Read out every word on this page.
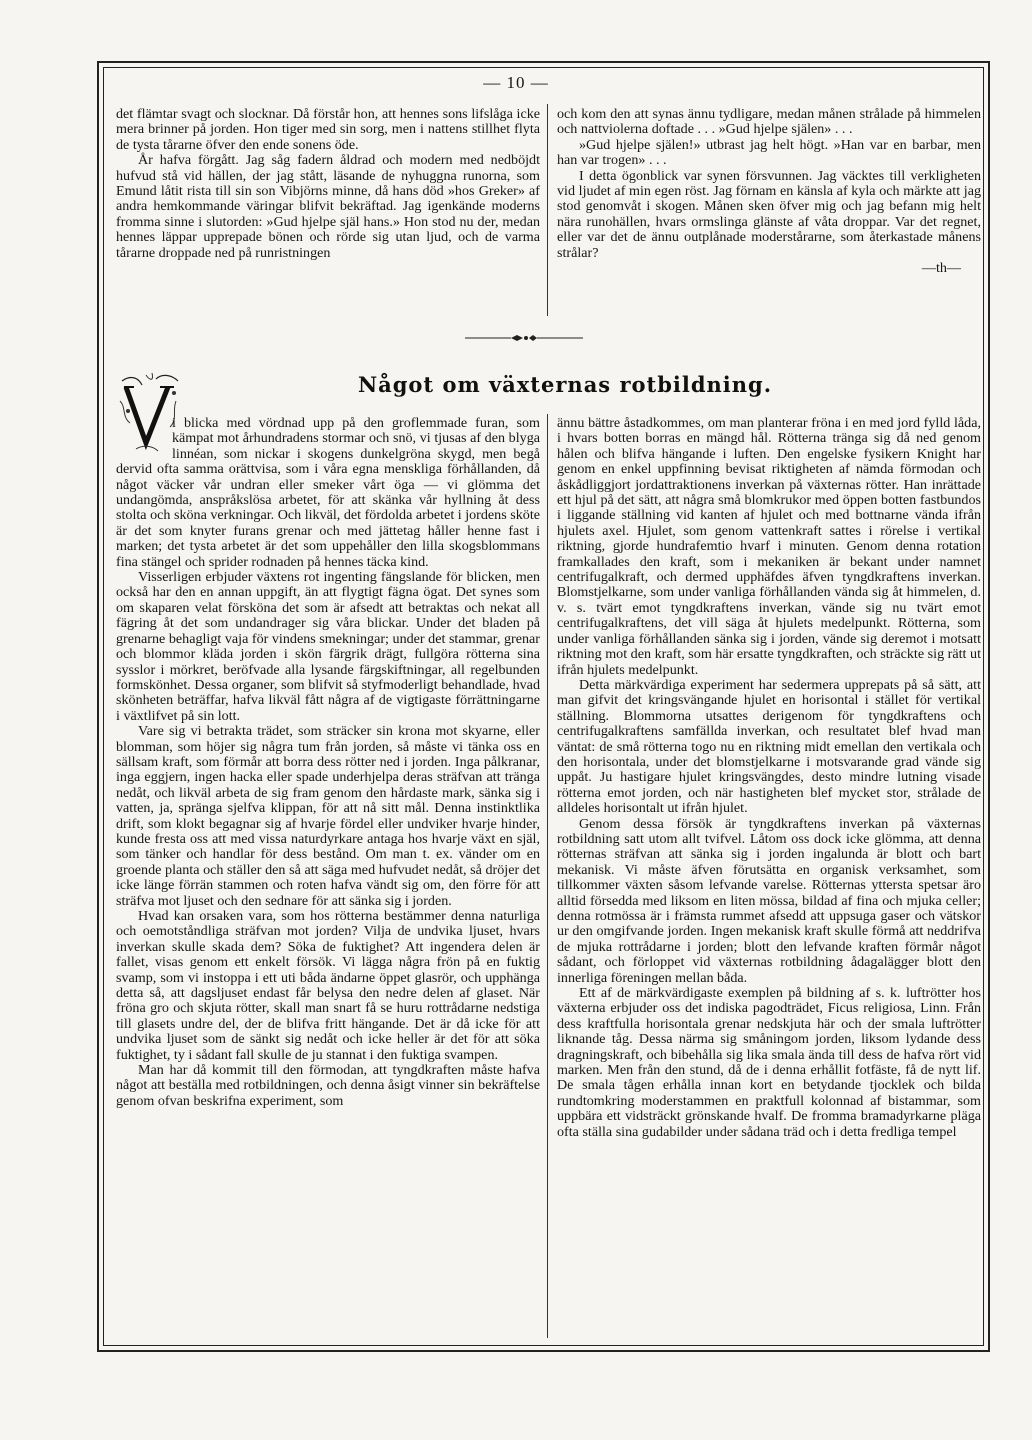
— 10 —

det flämtar svagt och slocknar. Då förstår hon, att hennes sons lifslåga icke mera brinner på jorden. Hon tiger med sin sorg, men i nattens stillhet flyta de tysta tårarne öfver den ende sonens öde.

År hafva förgått. Jag såg fadern åldrad och modern med nedböjdt hufvud stå vid hällen, der jag stått, läsande de nyhuggna runorna, som Emund låtit rista till sin son Vibjörns minne, då hans död »hos Greker» af andra hemkommande väringar blifvit bekräftad. Jag igenkände moderns fromma sinne i slutorden: »Gud hjelpe själ hans.» Hon stod nu der, medan hennes läppar upprepade bönen och rörde sig utan ljud, och de varma tårarne droppade ned på runristningen

och kom den att synas ännu tydligare, medan månen strålade på himmelen och nattviolerna doftade . . . »Gud hjelpe själen» . . .

»Gud hjelpe själen!» utbrast jag helt högt. »Han var en barbar, men han var trogen» . . .

I detta ögonblick var synen försvunnen. Jag väcktes till verkligheten vid ljudet af min egen röst. Jag förnam en känsla af kyla och märkte att jag stod genomvåt i skogen. Månen sken öfver mig och jag befann mig helt nära runohällen, hvars ormslinga glänste af våta droppar. Var det regnet, eller var det de ännu outplånade moderstårarne, som återkastade månens strålar?

—th—

Något om växternas rotbildning.

i blicka med vördnad upp på den groflemmade furan, som kämpat mot århundradens stormar och snö, vi tjusas af den blyga linnéan, som nickar i skogens dunkelgröna skygd, men begå dervid ofta samma orättvisa, som i våra egna menskliga förhållanden, då något väcker vår undran eller smeker vårt öga — vi glömma det undangömda, anspråkslösa arbetet, för att skänka vår hyllning åt dess stolta och sköna verkningar. Och likväl, det fördolda arbetet i jordens sköte är det som knyter furans grenar och med jättetag håller henne fast i marken; det tysta arbetet är det som uppehåller den lilla skogsblommans fina stängel och sprider rodnaden på hennes täcka kind.

Visserligen erbjuder växtens rot ingenting fängslande för blicken, men också har den en annan uppgift, än att flygtigt fägna ögat. Det synes som om skaparen velat försköna det som är afsedt att betraktas och nekat all fägring åt det som undandrager sig våra blickar. Under det bladen på grenarne behagligt vaja för vindens smekningar; under det stammar, grenar och blommor kläda jorden i skön färgrik drägt, fullgöra rötterna sina sysslor i mörkret, beröfvade alla lysande färgskiftningar, all regelbunden formskönhet. Dessa organer, som blifvit så styfmoderligt behandlade, hvad skönheten beträffar, hafva likväl fått några af de vigtigaste förrättningarne i växtlifvet på sin lott.

Vare sig vi betrakta trädet, som sträcker sin krona mot skyarne, eller blomman, som höjer sig några tum från jorden, så måste vi tänka oss en sällsam kraft, som förmår att borra dess rötter ned i jorden. Inga pålkranar, inga eggjern, ingen hacka eller spade underhjelpa deras sträfvan att tränga nedåt, och likväl arbeta de sig fram genom den hårdaste mark, sänka sig i vatten, ja, spränga sjelfva klippan, för att nå sitt mål. Denna instinktlika drift, som klokt begagnar sig af hvarje fördel eller undviker hvarje hinder, kunde fresta oss att med vissa naturdyrkare antaga hos hvarje växt en själ, som tänker och handlar för dess bestånd. Om man t. ex. vänder om en groende planta och ställer den så att säga med hufvudet nedåt, så dröjer det icke länge förrän stammen och roten hafva vändt sig om, den förre för att sträfva mot ljuset och den sednare för att sänka sig i jorden.

Hvad kan orsaken vara, som hos rötterna bestämmer denna naturliga och oemotståndliga sträfvan mot jorden? Vilja de undvika ljuset, hvars inverkan skulle skada dem? Söka de fuktighet? Att ingendera delen är fallet, visas genom ett enkelt försök. Vi lägga några frön på en fuktig svamp, som vi instoppa i ett uti båda ändarne öppet glasrör, och upphänga detta så, att dagsljuset endast får belysa den nedre delen af glaset. När fröna gro och skjuta rötter, skall man snart få se huru rottrådarne nedstiga till glasets undre del, der de blifva fritt hängande. Det är då icke för att undvika ljuset som de sänkt sig nedåt och icke heller är det för att söka fuktighet, ty i sådant fall skulle de ju stannat i den fuktiga svampen.

Man har då kommit till den förmodan, att tyngdkraften måste hafva något att beställa med rotbildningen, och denna åsigt vinner sin bekräftelse genom ofvan beskrifna experiment, som

ännu bättre åstadkommes, om man planterar fröna i en med jord fylld låda, i hvars botten borras en mängd hål. Rötterna tränga sig då ned genom hålen och blifva hängande i luften. Den engelske fysikern Knight har genom en enkel uppfinning bevisat riktigheten af nämda förmodan och åskådliggjort jordattraktionens inverkan på växternas rötter. Han inrättade ett hjul på det sätt, att några små blomkrukor med öppen botten fastbundos i liggande ställning vid kanten af hjulet och med bottnarne vända ifrån hjulets axel. Hjulet, som genom vattenkraft sattes i rörelse i vertikal riktning, gjorde hundrafemtio hvarf i minuten. Genom denna rotation framkallades den kraft, som i mekaniken är bekant under namnet centrifugalkraft, och dermed upphäfdes äfven tyngdkraftens inverkan. Blomstjelkarne, som under vanliga förhållanden vända sig åt himmelen, d. v. s. tvärt emot tyngdkraftens inverkan, vände sig nu tvärt emot centrifugalkraftens, det vill säga åt hjulets medelpunkt. Rötterna, som under vanliga förhållanden sänka sig i jorden, vände sig deremot i motsatt riktning mot den kraft, som här ersatte tyngdkraften, och sträckte sig rätt ut ifrån hjulets medelpunkt.

Detta märkvärdiga experiment har sedermera upprepats på så sätt, att man gifvit det kringsvängande hjulet en horisontal i stället för vertikal ställning. Blommorna utsattes derigenom för tyngdkraftens och centrifugalkraftens samfällda inverkan, och resultatet blef hvad man väntat: de små rötterna togo nu en riktning midt emellan den vertikala och den horisontala, under det blomstjelkarne i motsvarande grad vände sig uppåt. Ju hastigare hjulet kringsvängdes, desto mindre lutning visade rötterna emot jorden, och när hastigheten blef mycket stor, strålade de alldeles horisontalt ut ifrån hjulet.

Genom dessa försök är tyngdkraftens inverkan på växternas rotbildning satt utom allt tvifvel. Låtom oss dock icke glömma, att denna rötternas sträfvan att sänka sig i jorden ingalunda är blott och bart mekanisk. Vi måste äfven förutsätta en organisk verksamhet, som tillkommer växten såsom lefvande varelse. Rötternas yttersta spetsar äro alltid försedda med liksom en liten mössa, bildad af fina och mjuka celler; denna rotmössa är i främsta rummet afsedd att uppsuga gaser och vätskor ur den omgifvande jorden. Ingen mekanisk kraft skulle förmå att neddrifva de mjuka rottrådarne i jorden; blott den lefvande kraften förmår något sådant, och förloppet vid växternas rotbildning ådagalägger blott den innerliga föreningen mellan båda.

Ett af de märkvärdigaste exemplen på bildning af s. k. luftrötter hos växterna erbjuder oss det indiska pagodträdet, Ficus religiosa, Linn. Från dess kraftfulla horisontala grenar nedskjuta här och der smala luftrötter liknande tåg. Dessa närma sig småningom jorden, liksom lydande dess dragningskraft, och bibehålla sig lika smala ända till dess de hafva rört vid marken. Men från den stund, då de i denna erhållit fotfäste, få de nytt lif. De smala tågen erhålla innan kort en betydande tjocklek och bilda rundtomkring moderstammen en praktfull kolonnad af bistammar, som uppbära ett vidsträckt grönskande hvalf. De fromma bramadyrkarne pläga ofta ställa sina gudabilder under sådana träd och i detta fredliga tempel
